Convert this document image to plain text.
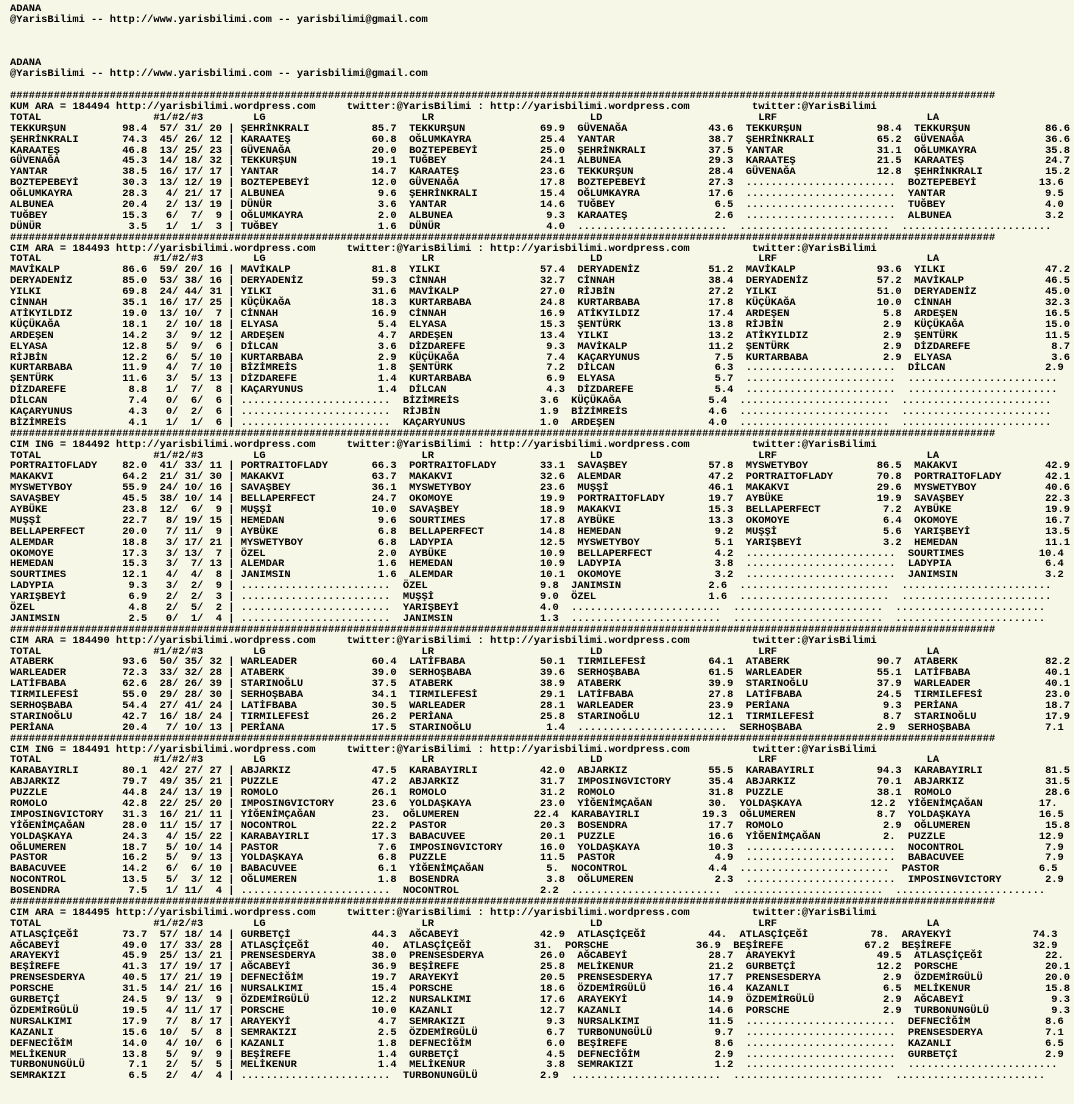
ADANA
@YarisBilimi -- http://www.yarisbilimi.com -- yarisbilimi@gmail.com
ADANA
@YarisBilimi -- http://www.yarisbilimi.com -- yarisbilimi@gmail.com
##############################################################################################################################################################
KUM ARA = 184494 http://yarisbilimi.wordpress.com     twitter:@YarisBilimi : http://yarisbilimi.wordpress.com          twitter:@YarisBilimi
TOTAL                  #1/#2/#3        LG                         LR                         LD                         LRF                        LA
TEKKURŞUN         98.4  57/ 31/ 20 | ŞEHRİNKRALI          85.7  TEKKURŞUN            69.9  GÜVENAĞA             43.6  TEKKURŞUN            98.4  TEKKURŞUN            86.6
ŞEHRİNKRALI       74.3  45/ 26/ 12 | KARAATEŞ             60.8  OĞLUMKAYRA           25.4  YANTAR               38.7  ŞEHRİNKRALI          65.2  GÜVENAĞA             36.6
KARAATEŞ          46.8  13/ 25/ 23 | GÜVENAĞA             20.0  BOZTEPEBEYİ          25.0  ŞEHRİNKRALI          37.5  YANTAR               31.1  OĞLUMKAYRA           35.8
GÜVENAĞA          45.3  14/ 18/ 32 | TEKKURŞUN            19.1  TUĞBEY               24.1  ALBUNEA              29.3  KARAATEŞ             21.5  KARAATEŞ             24.7
YANTAR            38.5  16/ 17/ 17 | YANTAR               14.7  KARAATEŞ             23.6  TEKKURŞUN            28.4  GÜVENAĞA             12.8  ŞEHRİNKRALI          15.2
BOZTEPEBEYİ       30.3  13/ 12/ 19 | BOZTEPEBEYİ          12.0  GÜVENAĞA             17.8  BOZTEPEBEYİ          27.3  ........................  BOZTEPEBEYİ          13.6
OĞLUMKAYRA        28.3   4/ 21/ 17 | ALBUNEA               9.6  ŞEHRİNKRALI          15.4  OĞLUMKAYRA           17.6  ........................  YANTAR                9.5
ALBUNEA           20.4   2/ 13/ 19 | DÜNÜR                 3.6  YANTAR               14.6  TUĞBEY                6.5  ........................  TUĞBEY                4.0
TUĞBEY            15.3   6/  7/  9 | OĞLUMKAYRA            2.0  ALBUNEA               9.3  KARAATEŞ              2.6  ........................  ALBUNEA               3.2
DÜNÜR              3.5   1/  1/  3 | TUĞBEY                1.6  DÜNÜR                 4.0  ........................  ........................  ........................
##############################################################################################################################################################
CIM ARA = 184493 http://yarisbilimi.wordpress.com     twitter:@YarisBilimi : http://yarisbilimi.wordpress.com          twitter:@YarisBilimi
TOTAL                  #1/#2/#3        LG                         LR                         LD                         LRF                        LA
MAVİKALP          86.6  59/ 20/ 16 | MAVİKALP             81.8  YILKI                57.4  DERYADENİZ           51.2  MAVİKALP             93.6  YILKI                47.2
DERYADENİZ        85.0  53/ 38/ 16 | DERYADENİZ           59.3  CİNNAH               32.7  CİNNAH               38.4  DERYADENİZ           57.2  MAVİKALP             46.5
YILKI             69.8  24/ 44/ 31 | YILKI                31.6  MAVİKALP             27.0  RİJBİN               27.2  YILKI                51.0  DERYADENİZ           45.0
CİNNAH            35.1  16/ 17/ 25 | KÜÇÜKAĞA             18.3  KURTARBABA           24.8  KURTARBABA           17.8  KÜÇÜKAĞA             10.0  CİNNAH               32.3
ATİKYILDIZ        19.0  13/ 10/  7 | CİNNAH               16.9  CİNNAH               16.9  ATİKYILDIZ           17.4  ARDEŞEN               5.8  ARDEŞEN              16.5
KÜÇÜKAĞA          18.1   2/ 10/ 18 | ELYASA                5.4  ELYASA               15.3  ŞENTÜRK              13.8  RİJBİN                2.9  KÜÇÜKAĞA             15.0
ARDEŞEN           14.2   3/  9/ 12 | ARDEŞEN               4.7  ARDEŞEN              13.4  YILKI                13.2  ATİKYILDIZ            2.9  ŞENTÜRK              11.5
ELYASA            12.8   5/  9/  6 | DİLCAN                3.6  DİZDAREFE             9.3  MAVİKALP             11.2  ŞENTÜRK               2.9  DİZDAREFE             8.7
RİJBİN            12.2   6/  5/ 10 | KURTARBABA            2.9  KÜÇÜKAĞA              7.4  KAÇARYUNUS            7.5  KURTARBABA            2.9  ELYASA                3.6
KURTARBABA        11.9   4/  7/ 10 | BİZİMREİS             1.8  ŞENTÜRK               7.2  DİLCAN                6.3  ........................  DİLCAN                2.9
ŞENTÜRK           11.6   3/  5/ 13 | DİZDAREFE             1.4  KURTARBABA            6.9  ELYASA                5.7  ........................  ........................
DİZDAREFE          8.8   1/  7/  8 | KAÇARYUNUS            1.4  DİLCAN                4.3  DİZDAREFE             5.4  ........................  ........................
DİLCAN             7.4   0/  6/  6 | ........................  BİZİMREİS             3.6  KÜÇÜKAĞA              5.4  ........................  ........................
KAÇARYUNUS         4.3   0/  2/  6 | ........................  RİJBİN                1.9  BİZİMREİS             4.6  ........................  ........................
BİZİMREİS          4.1   1/  1/  6 | ........................  KAÇARYUNUS            1.0  ARDEŞEN               4.0  ........................  ........................
##############################################################################################################################################################
CIM ING = 184492 http://yarisbilimi.wordpress.com     twitter:@YarisBilimi : http://yarisbilimi.wordpress.com          twitter:@YarisBilimi
TOTAL                  #1/#2/#3        LG                         LR                         LD                         LRF                        LA
PORTRAITOFLADY    82.0  41/ 33/ 11 | PORTRAITOFLADY       66.3  PORTRAITOFLADY       33.1  SAVAŞBEY             57.8  MYSWETYBOY           86.5  MAKAKVI              42.9
MAKAKVI           64.2  21/ 31/ 30 | MAKAKVI              63.7  MAKAKVI              32.6  ALEMDAR              47.2  PORTRAITOFLADY       70.8  PORTRAITOFLADY       42.1
MYSWETYBOY        55.9  24/ 10/ 16 | SAVAŞBEY             36.1  MYSWETYBOY           23.6  MUŞŞİ                46.1  MAKAKVI              29.6  MYSWETYBOY           40.6
SAVAŞBEY          45.5  38/ 10/ 14 | BELLAPERFECT         24.7  OKOMOYE              19.9  PORTRAITOFLADY       19.7  AYBÜKE               19.9  SAVAŞBEY             22.3
AYBÜKE            23.8  12/  6/  9 | MUŞŞİ                10.0  SAVAŞBEY             18.9  MAKAKVI              15.3  BELLAPERFECT          7.2  AYBÜKE               19.9
MUŞŞİ             22.7   8/ 19/ 15 | HEMEDAN               9.6  SOURTIMES            17.8  AYBÜKE               13.3  OKOMOYE               6.4  OKOMOYE              16.7
BELLAPERFECT      20.0   7/ 11/  9 | AYBÜKE                6.8  BELLAPERFECT         14.8  HEMEDAN               9.2  MUŞŞİ                 5.6  YARIŞBEYİ            13.5
ALEMDAR           18.8   3/ 17/ 21 | MYSWETYBOY            6.8  LADYPIA              12.5  MYSWETYBOY            5.1  YARIŞBEYİ             3.2  HEMEDAN              11.1
OKOMOYE           17.3   3/ 13/  7 | ÖZEL                  2.0  AYBÜKE               10.9  BELLAPERFECT          4.2  ........................  SOURTIMES            10.4
HEMEDAN           15.3   3/  7/ 13 | ALEMDAR               1.6  HEMEDAN              10.9  LADYPIA               3.8  ........................  LADYPIA               6.4
SOURTIMES         12.1   4/  4/  8 | JANIMSIN              1.6  ALEMDAR              10.1  OKOMOYE               3.2  ........................  JANIMSIN              3.2
LADYPIA            9.3   3/  2/  9 | ........................  ÖZEL                  9.8  JANIMSIN              2.6  ........................  ........................
YARIŞBEYİ          6.9   2/  2/  3 | ........................  MUŞŞİ                 9.0  ÖZEL                  1.6  ........................  ........................
ÖZEL               4.8   2/  5/  2 | ........................  YARIŞBEYİ             4.0  ........................  ........................  ........................
JANIMSIN           2.5   0/  1/  4 | ........................  JANIMSIN              1.3  ........................  ........................  ........................
##############################################################################################################################################################
CIM ARA = 184490 http://yarisbilimi.wordpress.com     twitter:@YarisBilimi : http://yarisbilimi.wordpress.com          twitter:@YarisBilimi
TOTAL                  #1/#2/#3        LG                         LR                         LD                         LRF                        LA
ATABERK           93.6  50/ 35/ 32 | WARLEADER            60.4  LATİFBABA            50.1  TIRMILEFESİ          64.1  ATABERK              90.7  ATABERK              82.2
WARLEADER         72.3  33/ 32/ 28 | ATABERK              39.0  SERHOŞBABA           39.6  SERHOŞBABA           61.5  WARLEADER            55.1  LATİFBABA            40.1
LATİFBABA         62.6  28/ 26/ 39 | STARINOĞLU           37.5  ATABERK              38.9  ATABERK              39.9  STARINOĞLU           37.9  WARLEADER            40.1
TIRMILEFESİ       55.0  29/ 28/ 30 | SERHOŞBABA           34.1  TIRMILEFESİ          29.1  LATİFBABA            27.8  LATİFBABA            24.5  TIRMILEFESİ          23.0
SERHOŞBABA        54.4  27/ 41/ 24 | LATİFBABA            30.5  WARLEADER            28.1  WARLEADER            23.9  PERİANA               9.3  PERİANA              18.7
STARINOĞLU        42.7  16/ 18/ 24 | TIRMILEFESİ          26.2  PERİANA              25.8  STARINOĞLU           12.1  TIRMILEFESİ           8.7  STARINOĞLU           17.9
PERİANA           20.4   7/ 10/ 13 | PERİANA              17.5  STARINOĞLU            1.4  ........................  SERHOŞBABA            2.9  SERHOŞBABA            7.1
##############################################################################################################################################################
CIM ING = 184491 http://yarisbilimi.wordpress.com     twitter:@YarisBilimi : http://yarisbilimi.wordpress.com          twitter:@YarisBilimi
TOTAL                  #1/#2/#3        LG                         LR                         LD                         LRF                        LA
KARABAYIRLI       80.1  42/ 27/ 27 | ABJARKIZ             47.5  KARABAYIRLI          42.0  ABJARKIZ             55.5  KARABAYIRLI          94.3  KARABAYIRLI          81.5
ABJARKIZ          79.7  49/ 35/ 21 | PUZZLE               47.2  ABJARKIZ             31.7  IMPOSINGVICTORY      35.4  ABJARKIZ             70.1  ABJARKIZ             31.5
PUZZLE            44.8  24/ 13/ 19 | ROMOLO               26.1  ROMOLO               31.2  ROMOLO               31.8  PUZZLE               38.1  ROMOLO               28.6
ROMOLO            42.8  22/ 25/ 20 | IMPOSINGVICTORY      23.6  YOLDAŞKAYA           23.0  YİĞENİMÇAĞAN         30.  YOLDAŞKAYA           12.2  YİĞENİMÇAĞAN         17.
IMPOSINGVICTORY   31.3  16/ 21/ 11 | YİĞENİMÇAĞAN         23.  OĞLUMEREN            22.4  KARABAYIRLI          19.3  OĞLUMEREN             8.7  YOLDAŞKAYA           16.5
YİĞENİMÇAĞAN      28.0  11/ 15/ 17 | NOCONTROL            22.2  PASTOR               20.3  BOSENDRA             17.7  ROMOLO                2.9  OĞLUMEREN            15.8
YOLDAŞKAYA        24.3   4/ 15/ 22 | KARABAYIRLI          17.3  BABACUVEE            20.1  PUZZLE               16.6  YİĞENİMÇAĞAN          2.  PUZZLE               12.9
OĞLUMEREN         18.7   5/ 10/ 14 | PASTOR                7.6  IMPOSINGVICTORY      16.0  YOLDAŞKAYA           10.3  ........................  NOCONTROL             7.9
PASTOR            16.2   5/  9/ 13 | YOLDAŞKAYA            6.8  PUZZLE               11.5  PASTOR                4.9  ........................  BABACUVEE             7.9
BABACUVEE         14.2   6/  6/ 10 | BABACUVEE             6.1  YİĞENİMÇAĞAN          5.  NOCONTROL             4.4  ........................  PASTOR                6.5
NOCONTROL         13.5   5/  3/ 12 | OĞLUMEREN             1.8  BOSENDRA              3.8  OĞLUMEREN             2.3  ........................  IMPOSINGVICTORY       2.9
BOSENDRA           7.5   1/ 11/  4 | ........................  NOCONTROL             2.2  ........................  ........................  ........................
##############################################################################################################################################################
CIM ARA = 184495 http://yarisbilimi.wordpress.com     twitter:@YarisBilimi : http://yarisbilimi.wordpress.com          twitter:@YarisBilimi
TOTAL                  #1/#2/#3        LG                         LR                         LD                         LRF                        LA
ATLASÇİÇEĞİ       73.7  57/ 18/ 14 | GURBETÇİ             44.3  AĞCABEYİ             42.9  ATLASÇİÇEĞİ          44.  ATLASÇİÇEĞİ          78.  ARAYEKYİ             74.3
AĞCABEYİ          49.0  17/ 33/ 28 | ATLASÇİÇEĞİ          40.  ATLASÇİÇEĞİ          31.  PORSCHE              36.9  BEŞİREFE             67.2  BEŞİREFE             32.9
ARAYEKYİ          45.9  25/ 13/ 21 | PRENSESDERYA         38.0  PRENSESDERYA         26.0  AĞCABEYİ             28.7  ARAYEKYİ             49.5  ATLASÇİÇEĞİ          22.
BEŞİREFE          41.3  17/ 19/ 17 | AĞCABEYİ             36.9  BEŞİREFE             25.8  MELİKENUR            21.2  GURBETÇİ             12.2  PORSCHE              20.1
PRENSESDERYA      40.5  17/ 21/ 19 | DEFNECİĞİM           19.7  ARAYEKYİ             20.5  PRENSESDERYA         17.7  PRENSESDERYA          2.9  ÖZDEMİRGÜLÜ          20.0
PORSCHE           31.5  14/ 21/ 16 | NURSALKIMI           15.4  PORSCHE              18.6  ÖZDEMİRGÜLÜ          16.4  KAZANLI               6.5  MELİKENUR            15.8
GURBETÇİ          24.5   9/ 13/  9 | ÖZDEMİRGÜLÜ          12.2  NURSALKIMI           17.6  ARAYEKYİ             14.9  ÖZDEMİRGÜLÜ           2.9  AĞCABEYİ              9.3
ÖZDEMİRGÜLÜ       19.5   4/ 11/ 17 | PORSCHE              10.0  KAZANLI              12.7  KAZANLI              14.6  PORSCHE               2.9  TURBONUNGÜLÜ          9.3
NURSALKIMI        17.9   7/  8/ 17 | ARAYEKYİ              4.7  SEMRAKIZI             9.3  NURSALKIMI           11.5  ........................  DEFNECİĞİM            8.6
KAZANLI           15.6  10/  5/  8 | SEMRAKIZI             2.5  ÖZDEMİRGÜLÜ           6.7  TURBONUNGÜLÜ          9.7  ........................  PRENSESDERYA          7.1
DEFNECİĞİM        14.0   4/ 10/  6 | KAZANLI               1.8  DEFNECİĞİM            6.0  BEŞİREFE              8.6  ........................  KAZANLI               6.5
MELİKENUR         13.8   5/  9/  9 | BEŞİREFE              1.4  GURBETÇİ              4.5  DEFNECİĞİM            2.9  ........................  GURBETÇİ              2.9
TURBONUNGÜLÜ       7.1   2/  5/  5 | MELİKENUR             1.4  MELİKENUR             3.8  SEMRAKIZI             1.2  ........................  ........................
SEMRAKIZI          6.5   2/  4/  4 | ........................  TURBONUNGÜLÜ          2.9  ........................  ........................  ........................
